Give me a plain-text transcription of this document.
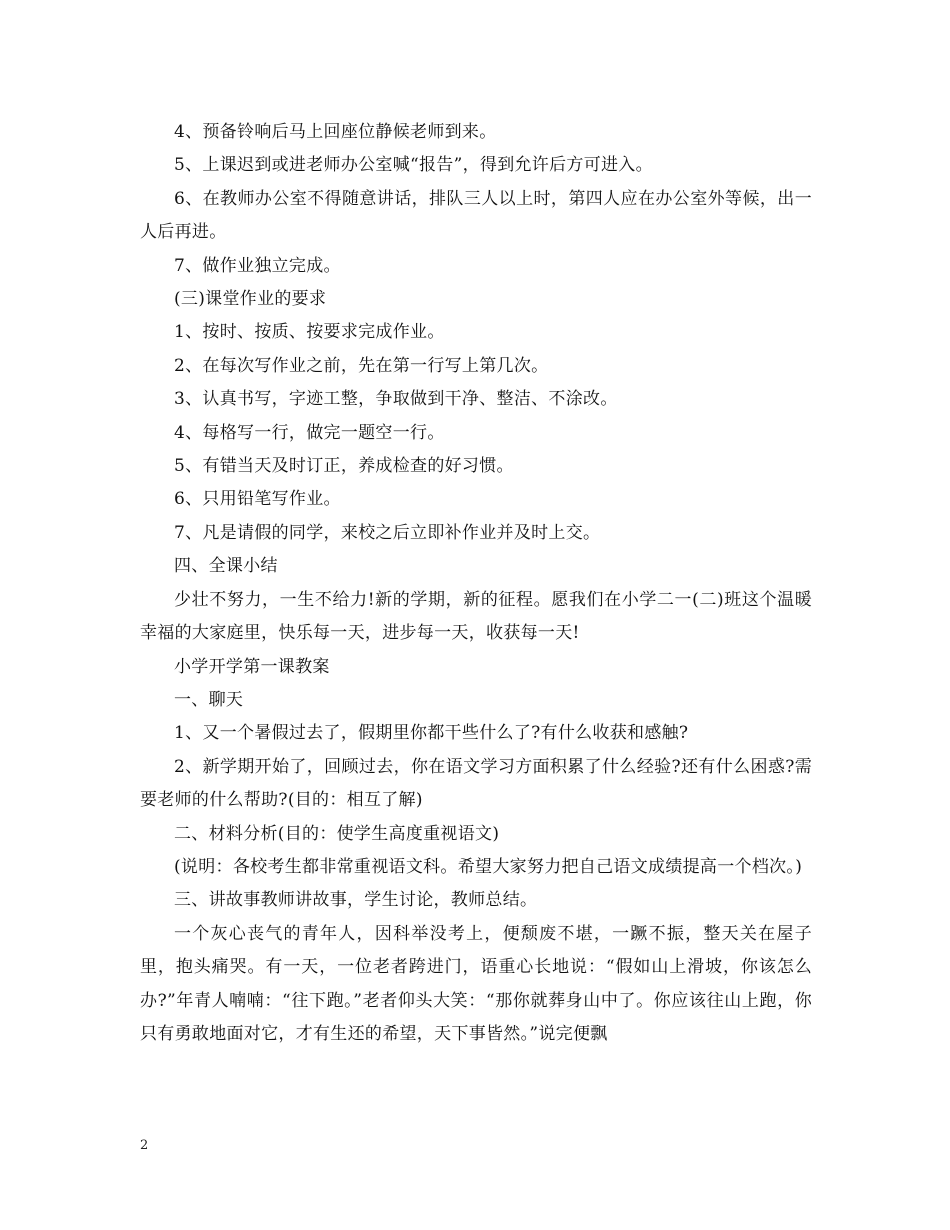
4、预备铃响后马上回座位静候老师到来。

5、上课迟到或进老师办公室喊“报告”，得到允许后方可进入。

6、在教师办公室不得随意讲话，排队三人以上时，第四人应在办公室外等候，出一人后再进。

7、做作业独立完成。

(三)课堂作业的要求

1、按时、按质、按要求完成作业。

2、在每次写作业之前，先在第一行写上第几次。

3、认真书写，字迹工整，争取做到干净、整洁、不涂改。

4、每格写一行，做完一题空一行。

5、有错当天及时订正，养成检查的好习惯。

6、只用铅笔写作业。

7、凡是请假的同学，来校之后立即补作业并及时上交。

四、全课小结

少壮不努力，一生不给力!新的学期，新的征程。愿我们在小学二一(二)班这个温暖幸福的大家庭里，快乐每一天，进步每一天，收获每一天!

小学开学第一课教案

一、聊天

1、又一个暑假过去了，假期里你都干些什么了?有什么收获和感触?

2、新学期开始了，回顾过去，你在语文学习方面积累了什么经验?还有什么困惑?需要老师的什么帮助?(目的：相互了解)

二、材料分析(目的：使学生高度重视语文)

(说明：各校考生都非常重视语文科。希望大家努力把自己语文成绩提高一个档次。)

三、讲故事教师讲故事，学生讨论，教师总结。

一个灰心丧气的青年人，因科举没考上，便颓废不堪，一蹶不振，整天关在屋子里，抱头痛哭。有一天，一位老者跨进门，语重心长地说：“假如山上滑坡，你该怎么办?”年青人喃喃：“往下跑。”老者仰头大笑：“那你就葬身山中了。你应该往山上跑，你只有勇敢地面对它，才有生还的希望，天下事皆然。”说完便飘

2
